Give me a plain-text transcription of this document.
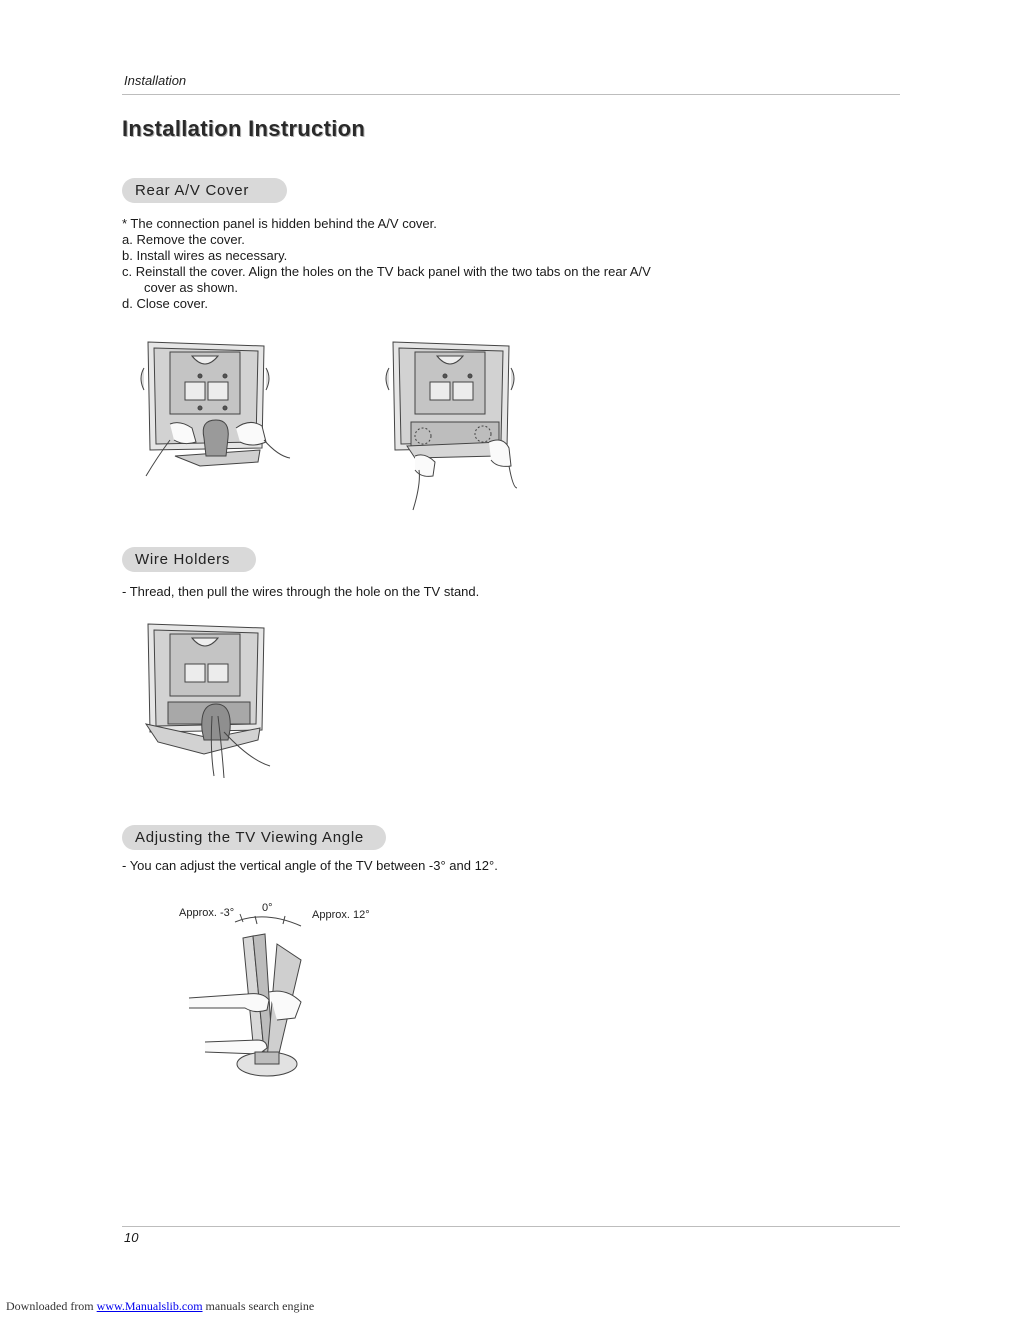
Installation
Installation Instruction
Rear A/V Cover
* The connection panel is hidden behind the A/V cover.
a. Remove the cover.
b. Install wires as necessary.
c. Reinstall the cover. Align the holes on the TV back panel with the two tabs on the rear A/V
cover as shown.
d. Close cover.
Wire Holders
- Thread, then pull the wires through the hole on the TV stand.
Adjusting the TV Viewing Angle
- You can adjust the vertical angle of the TV between -3° and 12°.
Approx. -3°	0°
Approx. 12°
10
Downloaded from www.Manualslib.com manuals search engine
